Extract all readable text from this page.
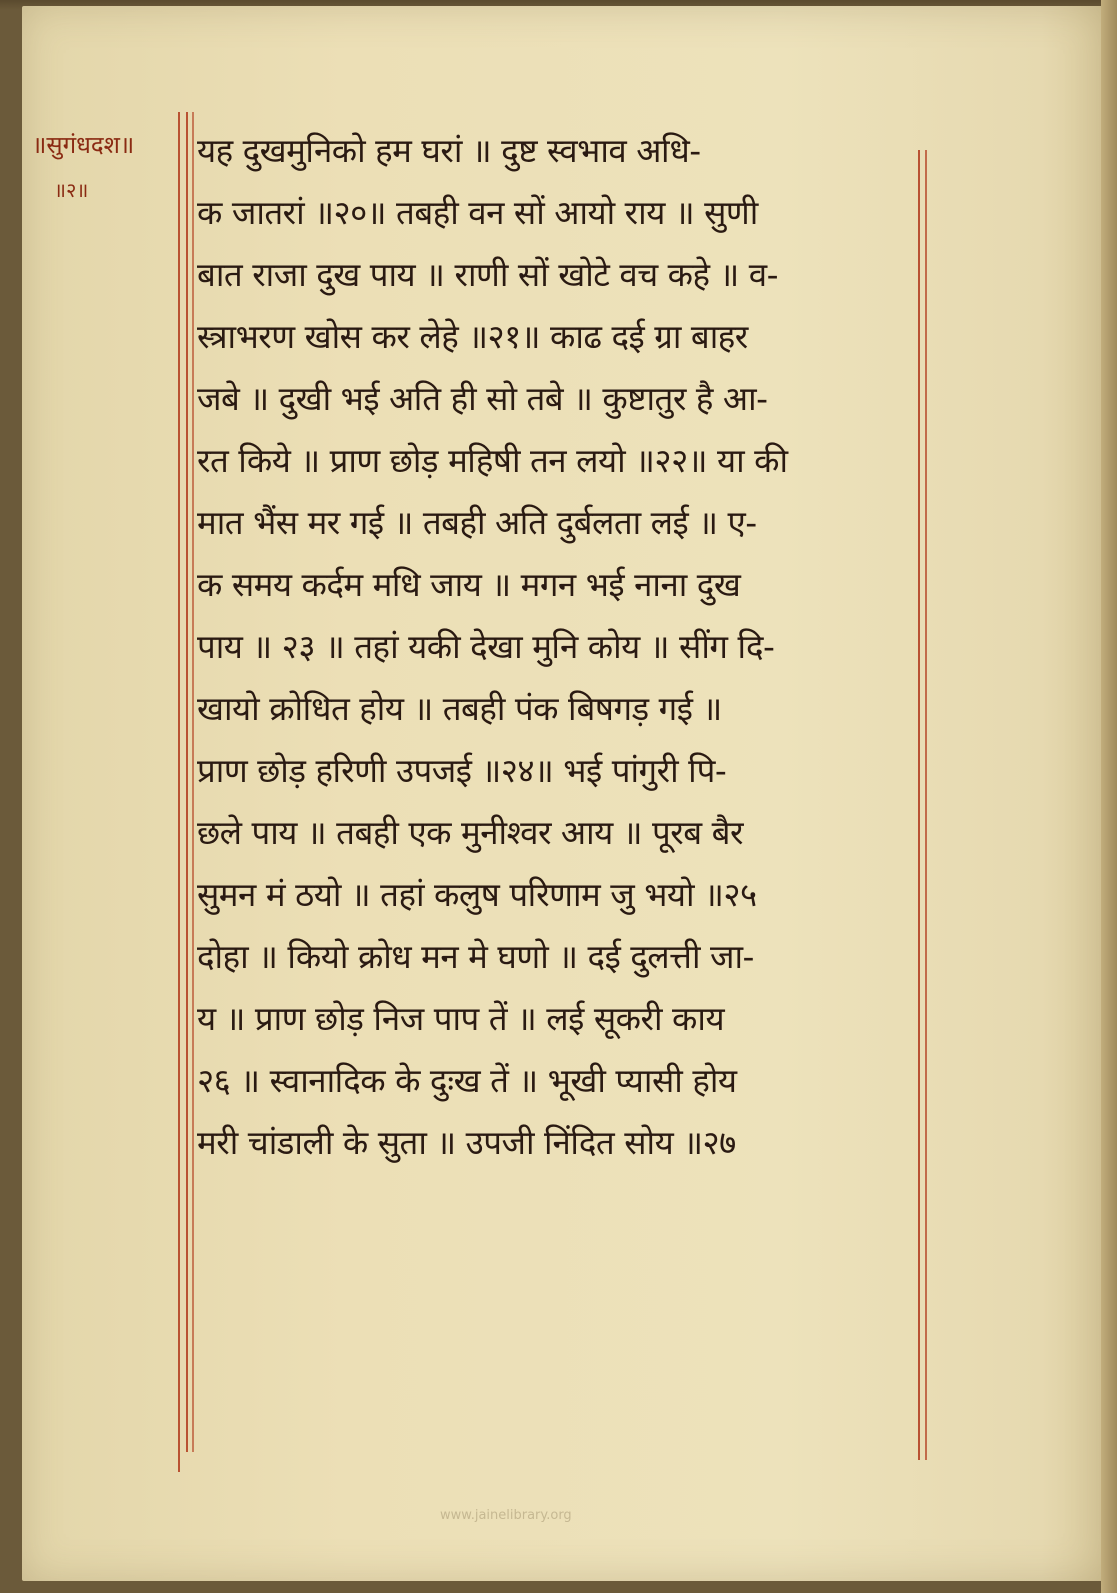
॥सुगंधदश॥
॥२॥
यह दुखमुनिको हम घरां ॥ दुष्ट स्वभाव अधि-
क जातरां ॥२०॥ तबही वन सों आयो राय ॥ सुणी
बात राजा दुख पाय ॥ राणी सों खोटे वच कहे ॥ व-
स्त्राभरण खोस कर लेहे ॥२१॥ काढ दई ग्रा बाहर
जबे ॥ दुखी भई अति ही सो तबे ॥ कुष्टातुर है आ-
रत किये ॥ प्राण छोड़ महिषी तन लयो ॥२२॥ या की
मात भैंस मर गई ॥ तबही अति दुर्बलता लई ॥ ए-
क समय कर्दम मधि जाय ॥ मगन भई नाना दुख
पाय ॥ २३ ॥ तहां यकी देखा मुनि कोय ॥ सींग दि-
खायो क्रोधित होय ॥ तबही पंक बिषगड़ गई ॥
प्राण छोड़ हरिणी उपजई ॥२४॥ भई पांगुरी पि-
छले पाय ॥ तबही एक मुनीश्वर आय ॥ पूरब बैर
सुमन मं ठयो ॥ तहां कलुष परिणाम जु भयो ॥२५
दोहा ॥ कियो क्रोध मन मे घणो ॥ दई दुलत्ती जा-
य ॥ प्राण छोड़ निज पाप तें ॥ लई सूकरी काय
२६ ॥ स्वानादिक के दुःख तें ॥ भूखी प्यासी होय
मरी चांडाली के सुता ॥ उपजी निंदित सोय ॥२७
www.jainelibrary.org
